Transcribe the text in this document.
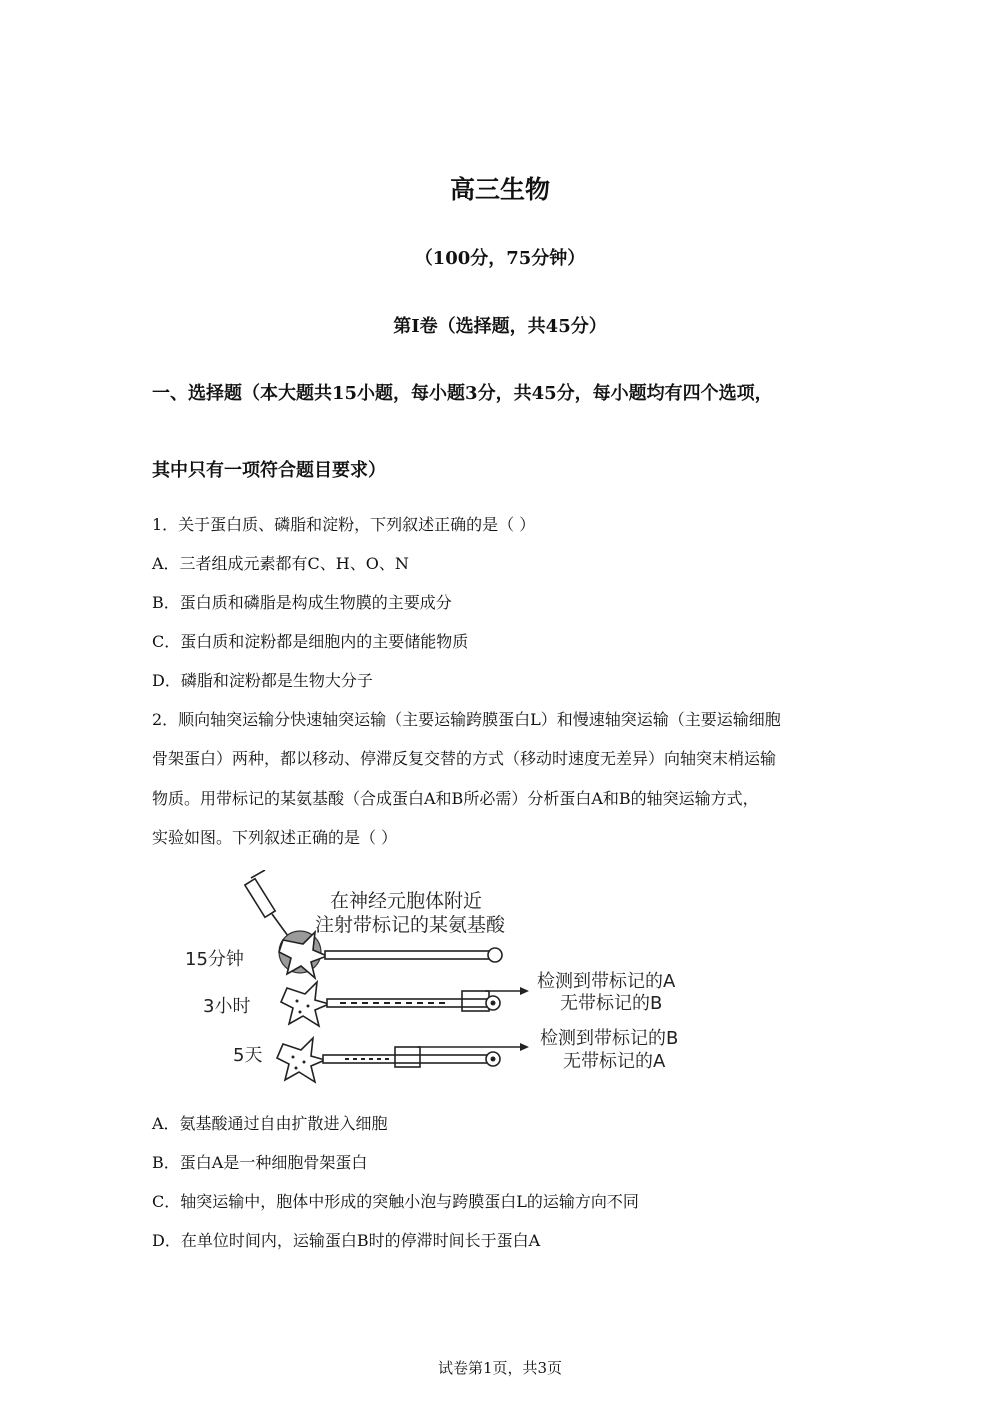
高三生物
（100分，75分钟）
第Ⅰ卷（选择题，共45分）
一、选择题（本大题共15小题，每小题3分，共45分，每小题均有四个选项，
其中只有一项符合题目要求）
1．关于蛋白质、磷脂和淀粉，下列叙述正确的是（ ）
A．三者组成元素都有C、H、O、N
B．蛋白质和磷脂是构成生物膜的主要成分
C．蛋白质和淀粉都是细胞内的主要储能物质
D．磷脂和淀粉都是生物大分子
2．顺向轴突运输分快速轴突运输（主要运输跨膜蛋白L）和慢速轴突运输（主要运输细胞
骨架蛋白）两种，都以移动、停滞反复交替的方式（移动时速度无差异）向轴突末梢运输
物质。用带标记的某氨基酸（合成蛋白A和B所必需）分析蛋白A和B的轴突运输方式，
实验如图。下列叙述正确的是（ ）
在神经元胞体附近
注射带标记的某氨基酸
15分钟
3小时
5天
检测到带标记的A
无带标记的B
检测到带标记的B
无带标记的A
A．氨基酸通过自由扩散进入细胞
B．蛋白A是一种细胞骨架蛋白
C．轴突运输中，胞体中形成的突触小泡与跨膜蛋白L的运输方向不同
D．在单位时间内，运输蛋白B时的停滞时间长于蛋白A
试卷第1页，共3页
